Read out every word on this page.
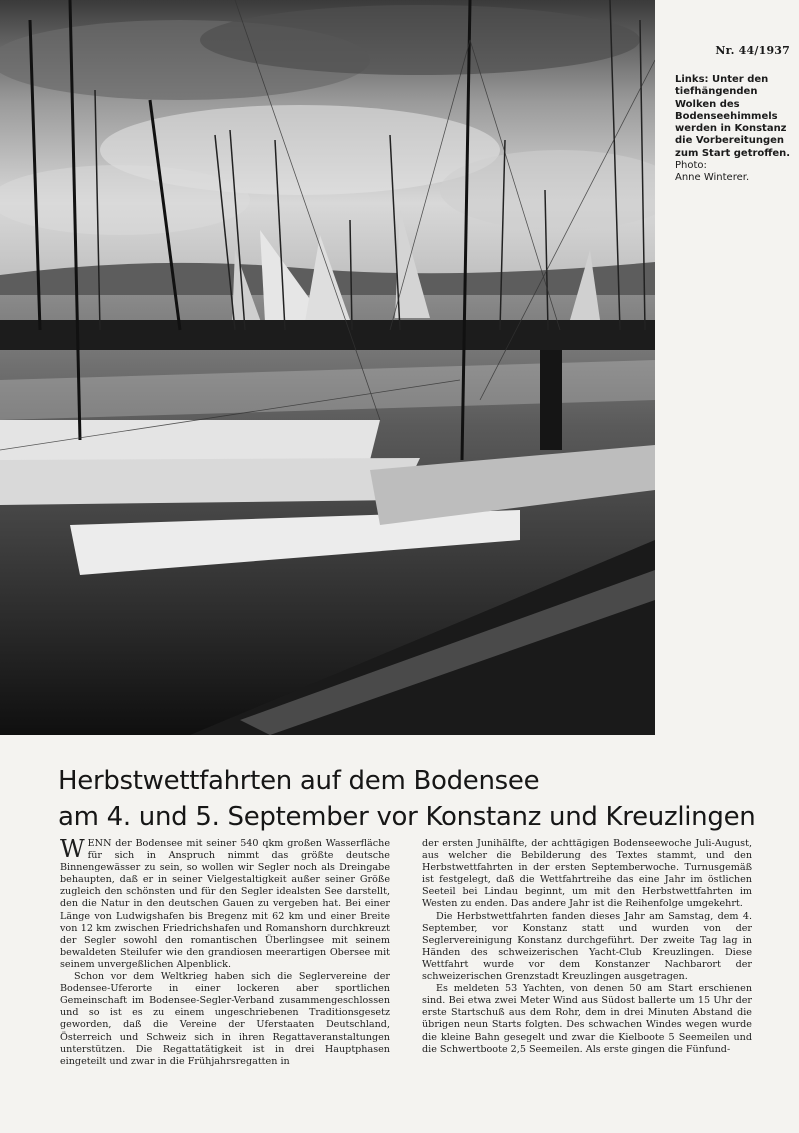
Nr. 44/1937
Links: Unter den tiefhängenden Wolken des Bodenseehimmels werden in Konstanz die Vorbereitungen zum Start getroffen.
Photo:
Anne Winterer.
Herbstwettfahrten auf dem Bodensee
am 4. und 5. September vor Konstanz und Kreuzlingen

WENN der Bodensee mit seiner 540 qkm großen Wasserfläche für sich in Anspruch nimmt das größte deutsche Binnengewässer zu sein, so wollen wir Segler noch als Dreingabe behaupten, daß er in seiner Vielgestaltigkeit außer seiner Größe zugleich den schönsten und für den Segler idealsten See darstellt, den die Natur in den deutschen Gauen zu vergeben hat. Bei einer Länge von Ludwigshafen bis Bregenz mit 62 km und einer Breite von 12 km zwischen Friedrichshafen und Romanshorn durchkreuzt der Segler sowohl den romantischen Überlingsee mit seinem bewaldeten Steilufer wie den grandiosen meerartigen Obersee mit seinem unvergeßlichen Alpenblick.

Schon vor dem Weltkrieg haben sich die Seglervereine der Bodensee-Uferorte in einer lockeren aber sportlichen Gemeinschaft im Bodensee-Segler-Verband zusammengeschlossen und so ist es zu einem ungeschriebenen Traditionsgesetz geworden, daß die Vereine der Uferstaaten Deutschland, Österreich und Schweiz sich in ihren Regattaveranstaltungen unterstützen. Die Regattatätigkeit ist in drei Hauptphasen eingeteilt und zwar in die Frühjahrsregatten in

der ersten Junihälfte, der achttägigen Bodenseewoche Juli-August, aus welcher die Bebilderung des Textes stammt, und den Herbstwettfahrten in der ersten Septemberwoche. Turnusgemäß ist festgelegt, daß die Wettfahrtreihe das eine Jahr im östlichen Seeteil bei Lindau beginnt, um mit den Herbstwettfahrten im Westen zu enden. Das andere Jahr ist die Reihenfolge umgekehrt.

Die Herbstwettfahrten fanden dieses Jahr am Samstag, dem 4. September, vor Konstanz statt und wurden von der Seglervereinigung Konstanz durchgeführt. Der zweite Tag lag in Händen des schweizerischen Yacht-Club Kreuzlingen. Diese Wettfahrt wurde vor dem Konstanzer Nachbarort der schweizerischen Grenzstadt Kreuzlingen ausgetragen.

Es meldeten 53 Yachten, von denen 50 am Start erschienen sind. Bei etwa zwei Meter Wind aus Südost ballerte um 15 Uhr der erste Startschuß aus dem Rohr, dem in drei Minuten Abstand die übrigen neun Starts folgten. Des schwachen Windes wegen wurde die kleine Bahn gesegelt und zwar die Kielboote 5 Seemeilen und die Schwertboote 2,5 Seemeilen. Als erste gingen die Fünfund-
